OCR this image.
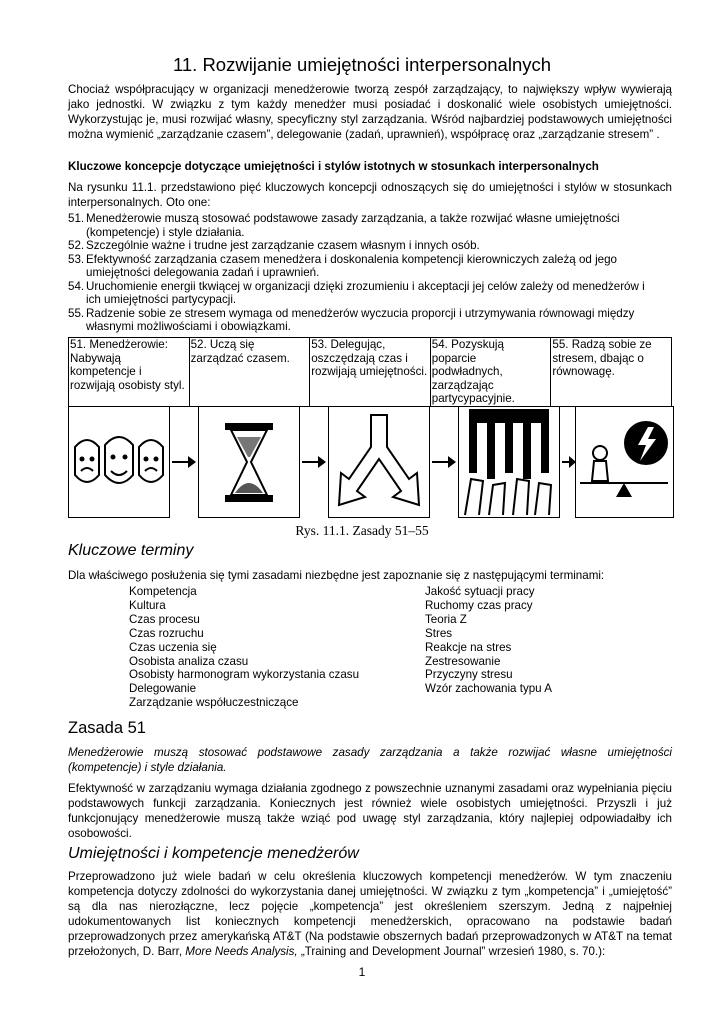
11. Rozwijanie umiejętności interpersonalnych
Chociaż współpracujący w organizacji menedżerowie tworzą zespół zarządzający, to największy wpływ wywierają jako jednostki. W związku z tym każdy menedżer musi posiadać i doskonalić wiele osobistych umiejętności. Wykorzystując je, musi rozwijać własny, specyficzny styl zarządzania. Wśród najbardziej podstawowych umiejętności można wymienić „zarządzanie czasem”, delegowanie (zadań, uprawnień), współpracę oraz „zarządzanie stresem” .
Kluczowe koncepcje dotyczące umiejętności i stylów istotnych w stosunkach interpersonalnych
Na rysunku 11.1. przedstawiono pięć kluczowych koncepcji odnoszących się do umiejętności i stylów w stosunkach interpersonalnych. Oto one:
51. Menedżerowie muszą stosować podstawowe zasady zarządzania, a także rozwijać własne umiejętności
(kompetencje) i style działania.
52. Szczególnie ważne i trudne jest zarządzanie czasem własnym i innych osób.
53. Efektywność zarządzania czasem menedżera i doskonalenia kompetencji kierowniczych zależą od jego
umiejętności delegowania zadań i uprawnień.
54. Uruchomienie energii tkwiącej w organizacji dzięki zrozumieniu i akceptacji jej celów zależy od menedżerów i
ich umiejętności partycypacji.
55. Radzenie sobie ze stresem wymaga od menedżerów wyczucia proporcji i utrzymywania równowagi między
własnymi możliwościami i obowiązkami.
51. Menedżerowie: Nabywają kompetencje i rozwijają osobisty styl.	52. Uczą się zarządzać czasem.	53. Delegując, oszczędzają czas i rozwijają umiejętności.	54. Pozyskują poparcie podwładnych, zarządzając partycypacyjnie.	55. Radzą sobie ze stresem, dbając o równowagę.
Rys. 11.1. Zasady 51–55
Kluczowe terminy
Dla właściwego posłużenia się tymi zasadami niezbędne jest zapoznanie się z następującymi terminami:
Kompetencja
Kultura
Czas procesu
Czas rozruchu
Czas uczenia się
Osobista analiza czasu
Osobisty harmonogram wykorzystania czasu
Delegowanie
Zarządzanie współuczestniczące
Jakość sytuacji pracy
Ruchomy czas pracy
Teoria Z
Stres
Reakcje na stres
Zestresowanie
Przyczyny stresu
Wzór zachowania typu A
Zasada 51
Menedżerowie muszą stosować podstawowe zasady zarządzania a także rozwijać własne umiejętności (kompetencje) i style działania.
Efektywność w zarządzaniu wymaga działania zgodnego z powszechnie uznanymi zasadami oraz wypełniania pięciu podstawowych funkcji zarządzania. Koniecznych jest również wiele osobistych umiejętności. Przyszli i już funkcjonujący menedżerowie muszą także wziąć pod uwagę styl zarządzania, który najlepiej odpowiadałby ich osobowości.
Umiejętności i kompetencje menedżerów
Przeprowadzono już wiele badań w celu określenia kluczowych kompetencji menedżerów. W tym znaczeniu kompetencja dotyczy zdolności do wykorzystania danej umiejętności. W związku z tym „kompetencja” i „umiejętość” są dla nas nierozłączne, lecz pojęcie „kompetencja” jest określeniem szerszym. Jedną z najpełniej udokumentowanych list koniecznych kompetencji menedżerskich, opracowano na podstawie badań przeprowadzonych przez amerykańską AT&T (Na podstawie obszernych badań przeprowadzonych w AT&T na temat przełożonych, D. Barr, More Needs Analysis, „Training and Development Journal” wrzesień 1980, s. 70.):
1
